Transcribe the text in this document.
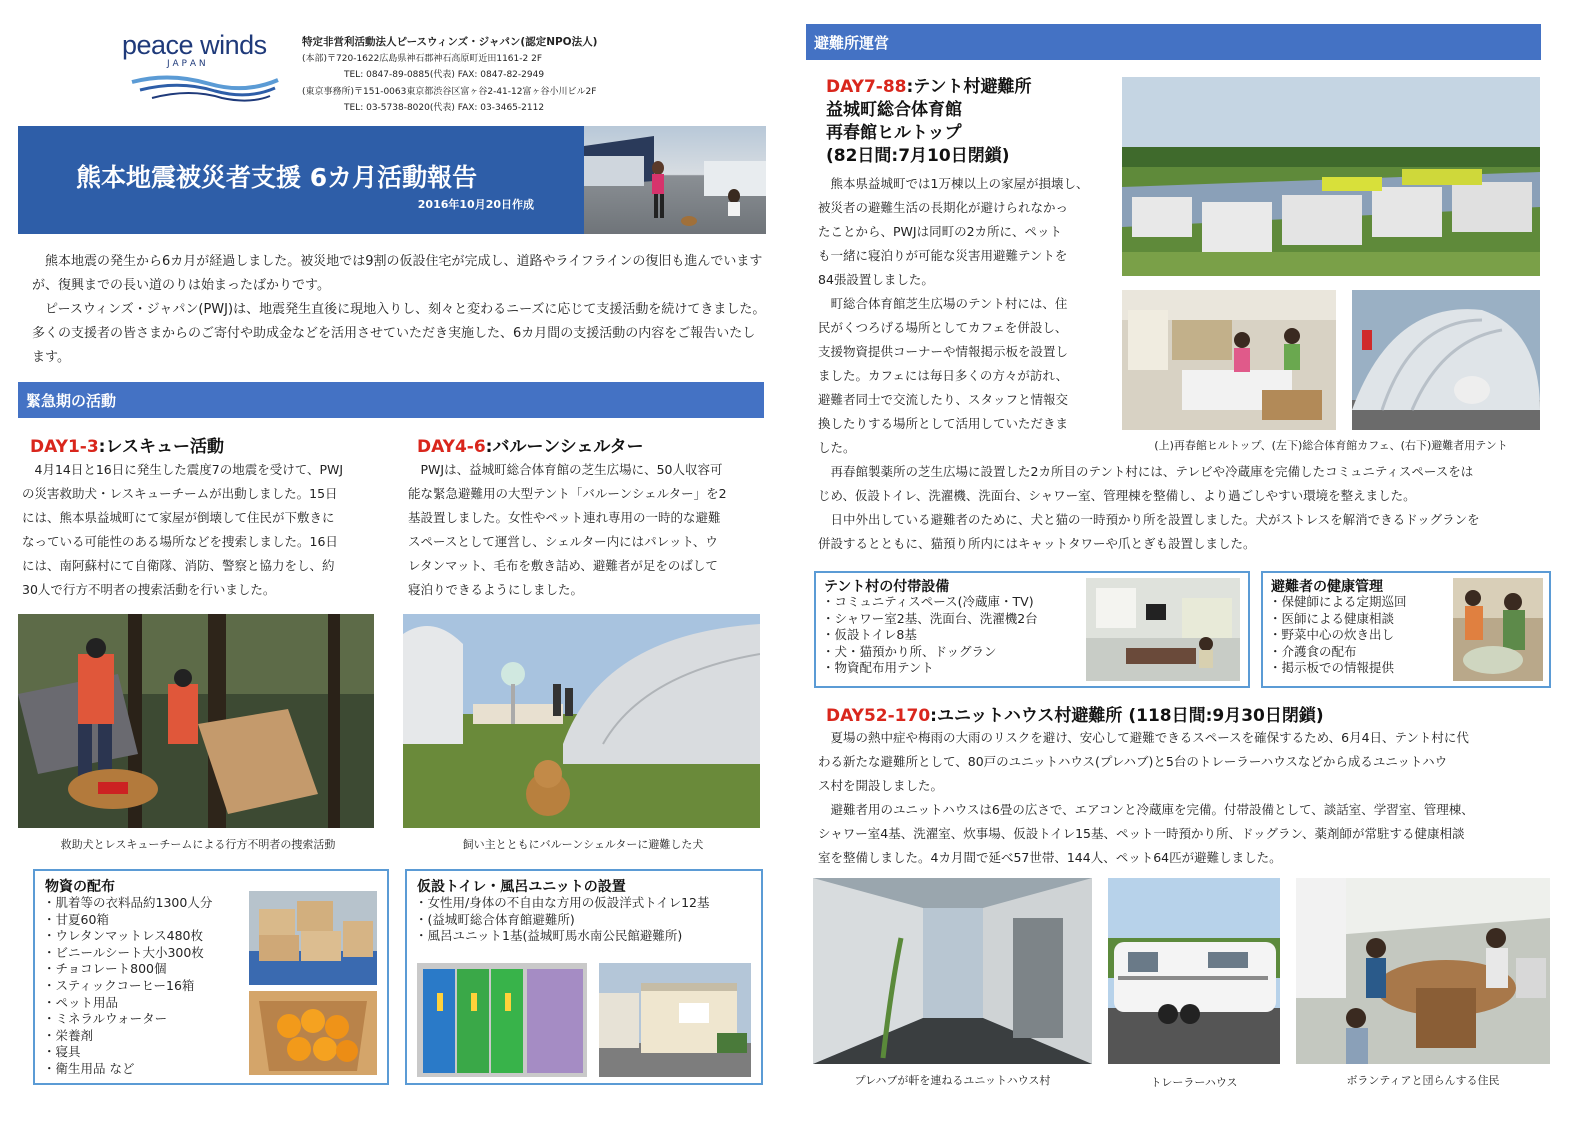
peace winds
J A P A N
特定非営利活動法人ピースウィンズ・ジャパン(認定NPO法人)
(本部)〒720-1622広島県神石郡神石高原町近田1161-2 2F
TEL: 0847-89-0885(代表) FAX: 0847-82-2949
(東京事務所)〒151-0063東京都渋谷区富ヶ谷2-41-12富ヶ谷小川ビル2F
TEL: 03-5738-8020(代表) FAX: 03-3465-2112
熊本地震被災者支援 6カ月活動報告
2016年10月20日作成

熊本地震の発生から6カ月が経過しました。被災地では9割の仮設住宅が完成し、道路やライフラインの復旧も進んでいますが、復興までの長い道のりは始まったばかりです。

ピースウィンズ・ジャパン(PWJ)は、地震発生直後に現地入りし、刻々と変わるニーズに応じて支援活動を続けてきました。多くの支援者の皆さまからのご寄付や助成金などを活用させていただき実施した、6カ月間の支援活動の内容をご報告いたします。

緊急期の活動
DAY1-3:レスキュー活動
4月14日と16日に発生した震度7の地震を受けて、PWJ
の災害救助犬・レスキューチームが出動しました。15日
には、熊本県益城町にて家屋が倒壊して住民が下敷きに
なっている可能性のある場所などを捜索しました。16日
には、南阿蘇村にて自衛隊、消防、警察と協力をし、約
30人で行方不明者の捜索活動を行いました。
DAY4-6:バルーンシェルター
PWJは、益城町総合体育館の芝生広場に、50人収容可
能な緊急避難用の大型テント「バルーンシェルター」を2
基設置しました。女性やペット連れ専用の一時的な避難
スペースとして運営し、シェルター内にはパレット、ウ
レタンマット、毛布を敷き詰め、避難者が足をのばして
寝泊りできるようにしました。
救助犬とレスキューチームによる行方不明者の捜索活動	飼い主とともにバルーンシェルターに避難した犬
物資の配布
・ 肌着等の衣料品約1300人分
・ 甘夏60箱
・ ウレタンマットレス480枚
・ ビニールシート大小300枚
・ チョコレート800個
・ スティックコーヒー16箱
・ ペット用品
・ ミネラルウォーター
・ 栄養剤
・ 寝具
・ 衛生用品 など
仮設トイレ・風呂ユニットの設置
・ 女性用/身体の不自由な方用の仮設洋式トイレ12基
・ (益城町総合体育館避難所)
・ 風呂ユニット1基(益城町馬水南公民館避難所)
避難所運営
DAY7-88:テント村避難所
益城町総合体育館
再春館ヒルトップ
(82日間:7月10日閉鎖)
熊本県益城町では1万棟以上の家屋が損壊し、
被災者の避難生活の長期化が避けられなかっ
たことから、PWJは同町の2カ所に、ペット
も一緒に寝泊りが可能な災害用避難テントを
84張設置しました。
町総合体育館芝生広場のテント村には、住
民がくつろげる場所としてカフェを併設し、
支援物資提供コーナーや情報掲示板を設置し
ました。カフェには毎日多くの方々が訪れ、
避難者同士で交流したり、スタッフと情報交
換したりする場所として活用していただきま
した。	(上)再春館ヒルトップ、(左下)総合体育館カフェ、(右下)避難者用テント
再春館製薬所の芝生広場に設置した2カ所目のテント村には、テレビや冷蔵庫を完備したコミュニティスペースをは
じめ、仮設トイレ、洗濯機、洗面台、シャワー室、管理棟を整備し、より過ごしやすい環境を整えました。
日中外出している避難者のために、犬と猫の一時預かり所を設置しました。犬がストレスを解消できるドッグランを
併設するとともに、猫預り所内にはキャットタワーや爪とぎも設置しました。
テント村の付帯設備
・ コミュニティスペース(冷蔵庫・TV)
・ シャワー室2基、洗面台、洗濯機2台
・ 仮設トイレ8基
・ 犬・猫預かり所、ドッグラン
・ 物資配布用テント
避難者の健康管理
・ 保健師による定期巡回
・ 医師による健康相談
・ 野菜中心の炊き出し
・ 介護食の配布
・ 掲示板での情報提供
DAY52-170:ユニットハウス村避難所 (118日間:9月30日閉鎖)
夏場の熱中症や梅雨の大雨のリスクを避け、安心して避難できるスペースを確保するため、6月4日、テント村に代
わる新たな避難所として、80戸のユニットハウス(プレハブ)と5台のトレーラーハウスなどから成るユニットハウ
ス村を開設しました。
避難者用のユニットハウスは6畳の広さで、エアコンと冷蔵庫を完備。付帯設備として、談話室、学習室、管理棟、
シャワー室4基、洗濯室、炊事場、仮設トイレ15基、ペット一時預かり所、ドッグラン、薬剤師が常駐する健康相談
室を整備しました。4カ月間で延べ57世帯、144人、ペット64匹が避難しました。
プレハブが軒を連ねるユニットハウス村	トレーラーハウス	ボランティアと団らんする住民
